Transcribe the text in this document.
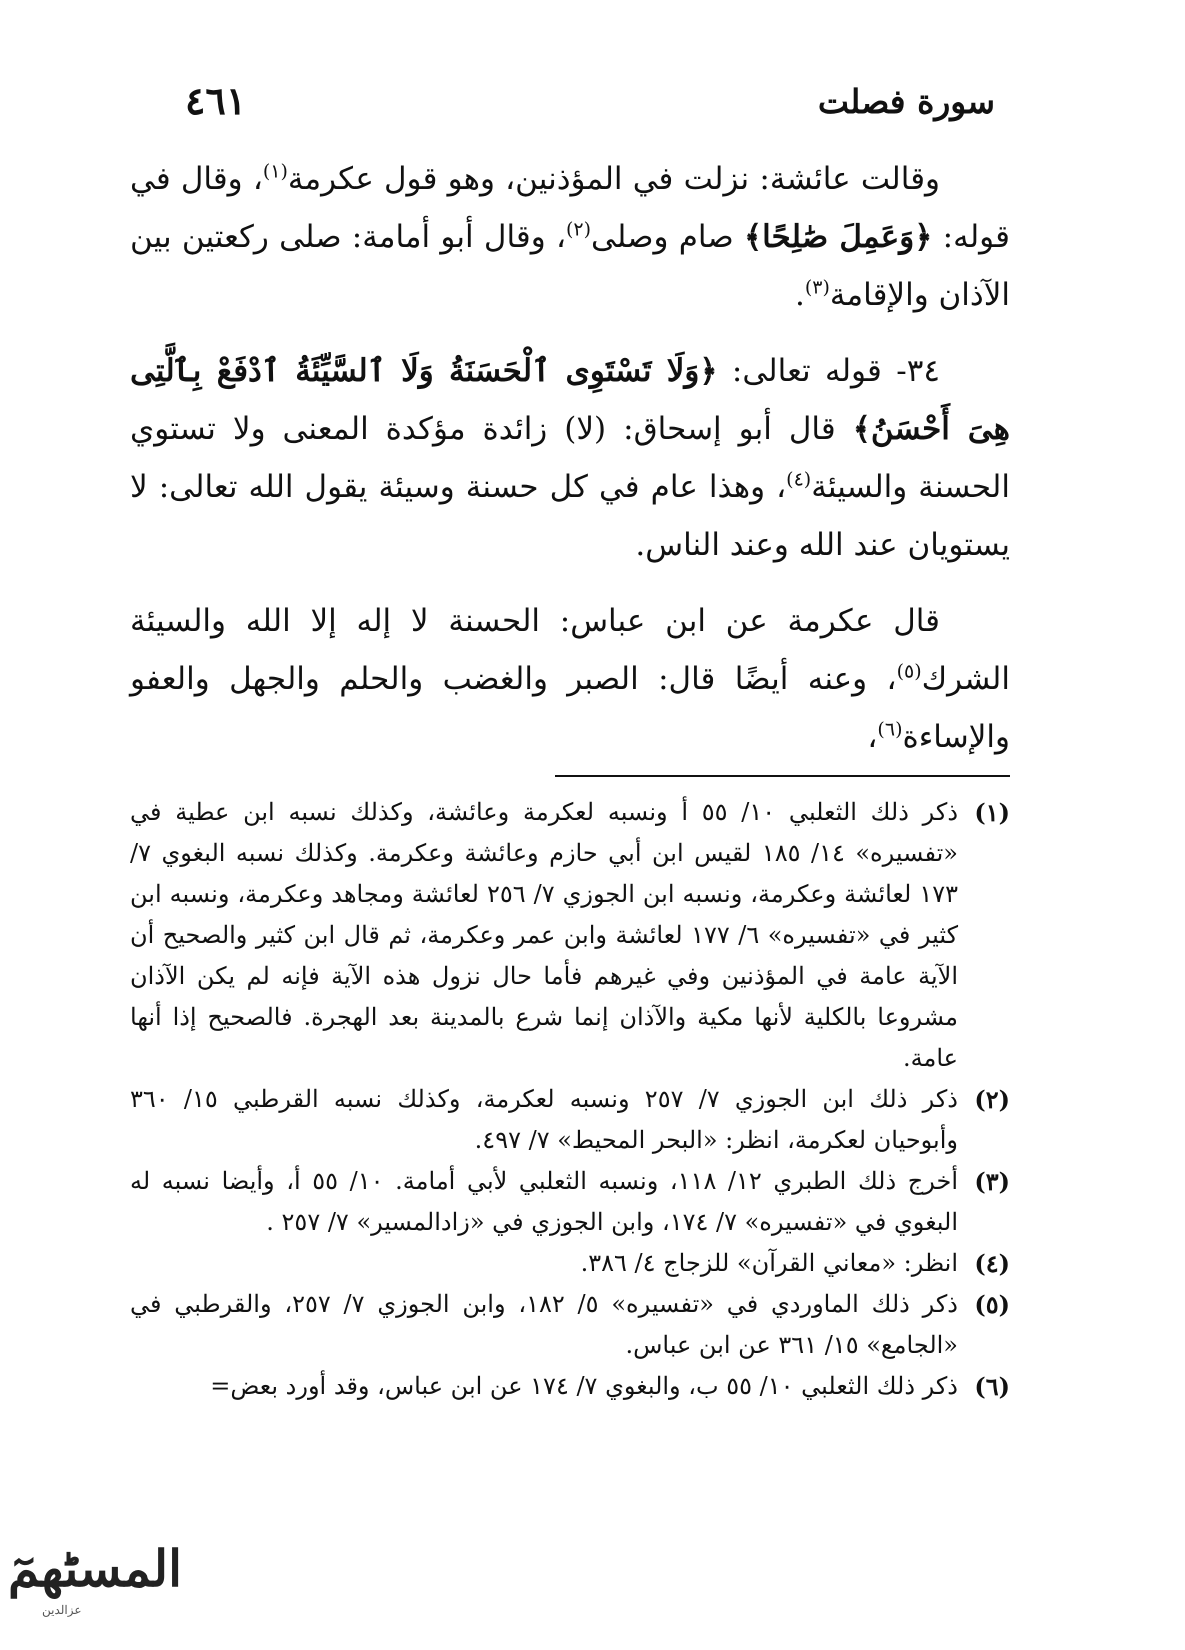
سورة فصلت
٤٦١

وقالت عائشة: نزلت في المؤذنين، وهو قول عكرمة$^{(١)}$، وقال في قوله: ﴿وَعَمِلَ صَٰلِحًا﴾ صام وصلى$^{(٢)}$، وقال أبو أمامة: صلى ركعتين بين الآذان والإقامة$^{(٣)}$.

٣٤- قوله تعالى: ﴿وَلَا تَسْتَوِى ٱلْحَسَنَةُ وَلَا ٱلسَّيِّئَةُ ٱدْفَعْ بِٱلَّتِى هِىَ أَحْسَنُ﴾ قال أبو إسحاق: (لا) زائدة مؤكدة المعنى ولا تستوي الحسنة والسيئة$^{(٤)}$، وهذا عام في كل حسنة وسيئة يقول الله تعالى: لا يستويان عند الله وعند الناس.

قال عكرمة عن ابن عباس: الحسنة لا إله إلا الله والسيئة الشرك$^{(٥)}$، وعنه أيضًا قال: الصبر والغضب والحلم والجهل والعفو والإساءة$^{(٦)}$،

(١)
ذكر ذلك الثعلبي ١٠/ ٥٥ أ ونسبه لعكرمة وعائشة، وكذلك نسبه ابن عطية في «تفسيره» ١٤/ ١٨٥ لقيس ابن أبي حازم وعائشة وعكرمة. وكذلك نسبه البغوي ٧/ ١٧٣ لعائشة وعكرمة، ونسبه ابن الجوزي ٧/ ٢٥٦ لعائشة ومجاهد وعكرمة، ونسبه ابن كثير في «تفسيره» ٦/ ١٧٧ لعائشة وابن عمر وعكرمة، ثم قال ابن كثير والصحيح أن الآية عامة في المؤذنين وفي غيرهم فأما حال نزول هذه الآية فإنه لم يكن الآذان مشروعا بالكلية لأنها مكية والآذان إنما شرع بالمدينة بعد الهجرة. فالصحيح إذا أنها عامة.
(٢)
ذكر ذلك ابن الجوزي ٧/ ٢٥٧ ونسبه لعكرمة، وكذلك نسبه القرطبي ١٥/ ٣٦٠ وأبوحيان لعكرمة، انظر: «البحر المحيط» ٧/ ٤٩٧.
(٣)
أخرج ذلك الطبري ١٢/ ١١٨، ونسبه الثعلبي لأبي أمامة. ١٠/ ٥٥ أ، وأيضا نسبه له البغوي في «تفسيره» ٧/ ١٧٤، وابن الجوزي في «زادالمسير» ٧/ ٢٥٧ .
(٤)
انظر: «معاني القرآن» للزجاج ٤/ ٣٨٦.
(٥)
ذكر ذلك الماوردي في «تفسيره» ٥/ ١٨٢، وابن الجوزي ٧/ ٢٥٧، والقرطبي في «الجامع» ١٥/ ٣٦١ عن ابن عباس.
(٦)
ذكر ذلك الثعلبي ١٠/ ٥٥ ب، والبغوي ٧/ ١٧٤ عن ابن عباس، وقد أورد بعض=
المسٹهمٓ
عزالدين
